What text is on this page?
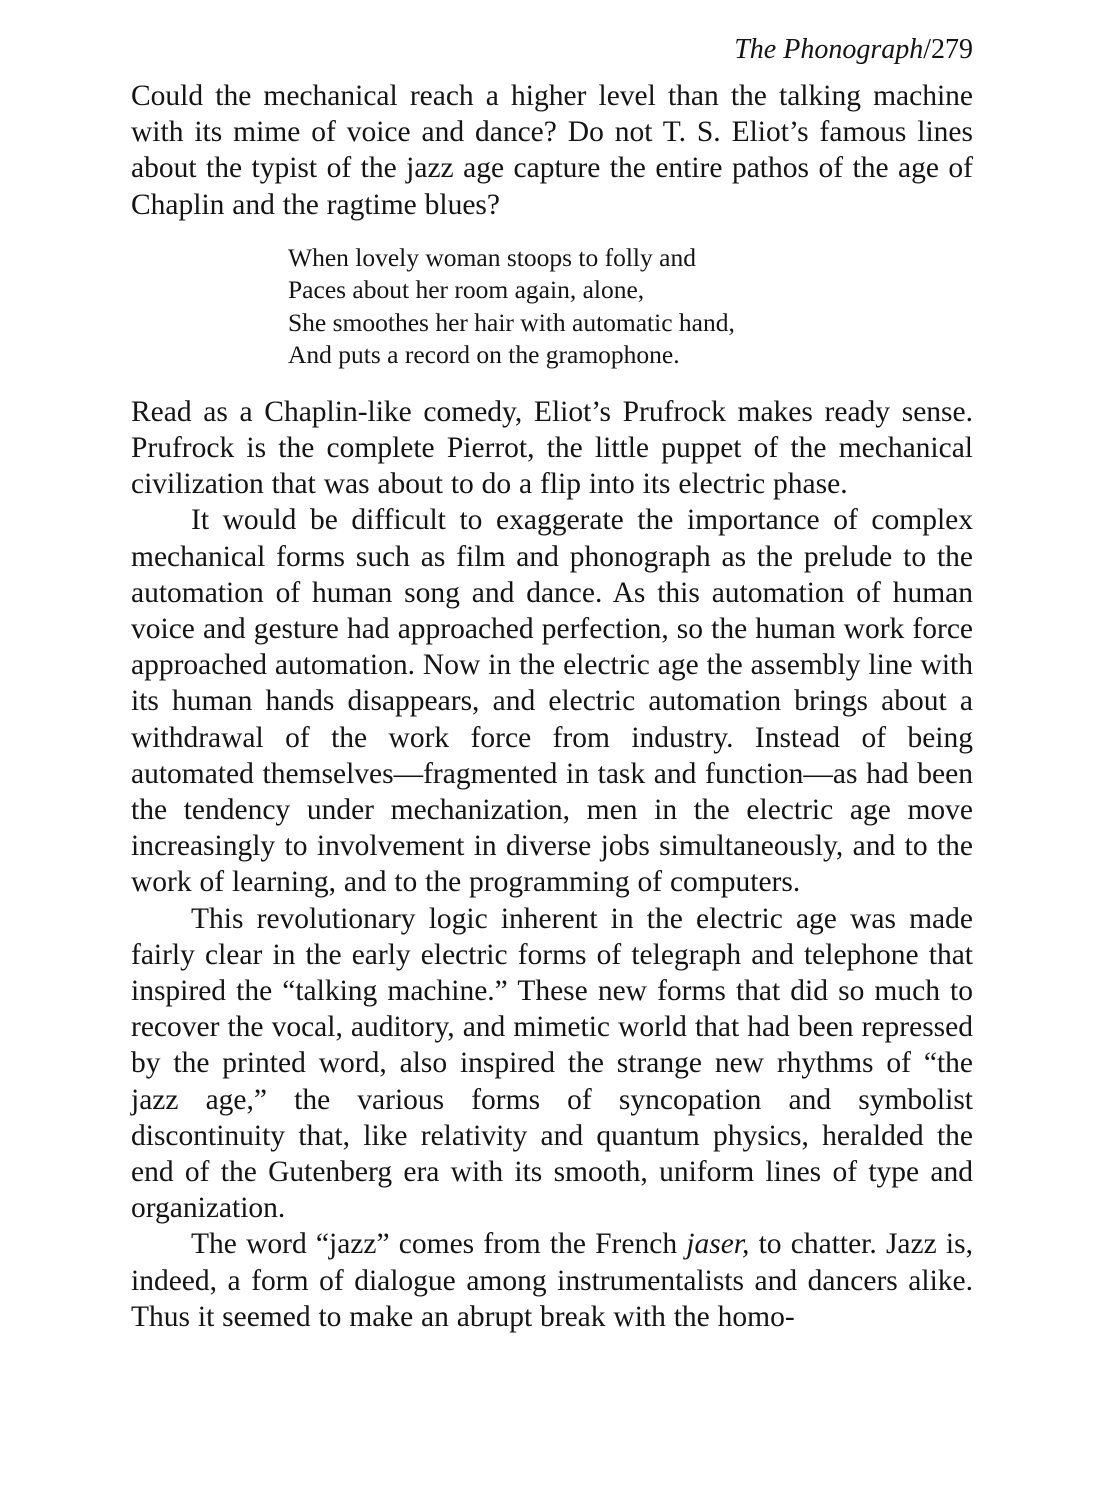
The Phonograph/279

Could the mechanical reach a higher level than the talking machine with its mime of voice and dance? Do not T. S. Eliot’s famous lines about the typist of the jazz age capture the entire pathos of the age of Chaplin and the ragtime blues?

When lovely woman stoops to folly and
Paces about her room again, alone,
She smoothes her hair with automatic hand,
And puts a record on the gramophone.

Read as a Chaplin-like comedy, Eliot’s Prufrock makes ready sense. Prufrock is the complete Pierrot, the little puppet of the mechanical civilization that was about to do a flip into its electric phase.

It would be difficult to exaggerate the importance of complex mechanical forms such as film and phonograph as the prelude to the automation of human song and dance. As this automation of human voice and gesture had approached perfection, so the human work force approached automation. Now in the electric age the assembly line with its human hands disappears, and electric automation brings about a withdrawal of the work force from industry. Instead of being automated themselves—fragmented in task and function—as had been the tendency under mechanization, men in the electric age move increasingly to involvement in diverse jobs simultaneously, and to the work of learning, and to the programming of computers.

This revolutionary logic inherent in the electric age was made fairly clear in the early electric forms of telegraph and telephone that inspired the “talking machine.” These new forms that did so much to recover the vocal, auditory, and mimetic world that had been repressed by the printed word, also inspired the strange new rhythms of “the jazz age,” the various forms of syncopation and symbolist discontinuity that, like relativity and quantum physics, heralded the end of the Gutenberg era with its smooth, uniform lines of type and organization.

The word “jazz” comes from the French jaser, to chatter. Jazz is, indeed, a form of dialogue among instrumentalists and dancers alike. Thus it seemed to make an abrupt break with the homo-
